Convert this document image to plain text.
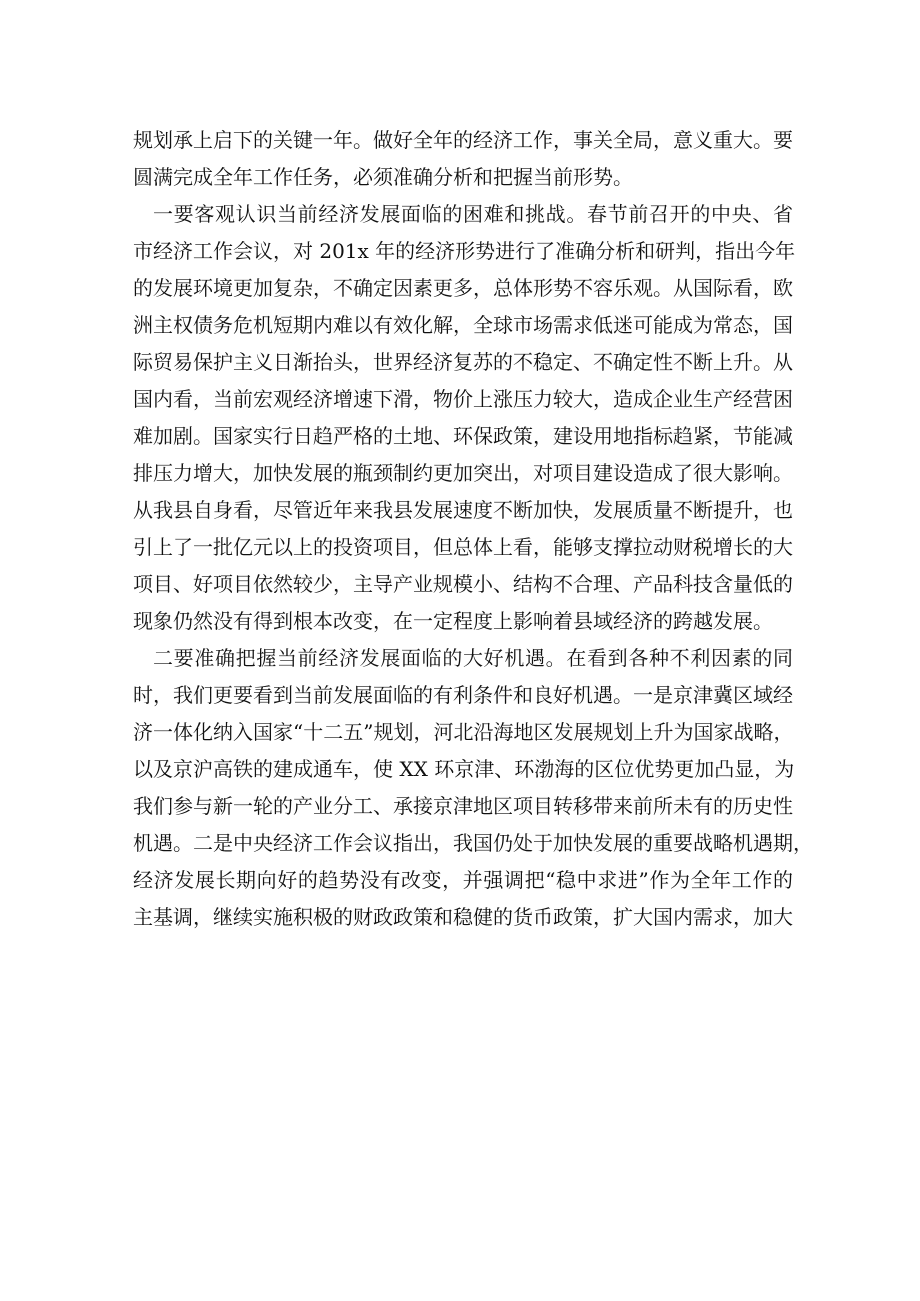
规划承上启下的关键一年。做好全年的经济工作，事关全局，意义重大。要
圆满完成全年工作任务，必须准确分析和把握当前形势。

一要客观认识当前经济发展面临的困难和挑战。春节前召开的中央、省
市经济工作会议，对 201x 年的经济形势进行了准确分析和研判，指出今年
的发展环境更加复杂，不确定因素更多，总体形势不容乐观。从国际看，欧
洲主权债务危机短期内难以有效化解，全球市场需求低迷可能成为常态，国
际贸易保护主义日渐抬头，世界经济复苏的不稳定、不确定性不断上升。从
国内看，当前宏观经济增速下滑，物价上涨压力较大，造成企业生产经营困
难加剧。国家实行日趋严格的土地、环保政策，建设用地指标趋紧，节能减
排压力增大，加快发展的瓶颈制约更加突出，对项目建设造成了很大影响。
从我县自身看，尽管近年来我县发展速度不断加快，发展质量不断提升，也
引上了一批亿元以上的投资项目，但总体上看，能够支撑拉动财税增长的大
项目、好项目依然较少，主导产业规模小、结构不合理、产品科技含量低的
现象仍然没有得到根本改变，在一定程度上影响着县域经济的跨越发展。

二要准确把握当前经济发展面临的大好机遇。在看到各种不利因素的同
时，我们更要看到当前发展面临的有利条件和良好机遇。一是京津冀区域经
济一体化纳入国家“十二五”规划，河北沿海地区发展规划上升为国家战略，
以及京沪高铁的建成通车，使 XX 环京津、环渤海的区位优势更加凸显，为
我们参与新一轮的产业分工、承接京津地区项目转移带来前所未有的历史性
机遇。二是中央经济工作会议指出，我国仍处于加快发展的重要战略机遇期，
经济发展长期向好的趋势没有改变，并强调把“稳中求进”作为全年工作的
主基调，继续实施积极的财政政策和稳健的货币政策，扩大国内需求，加大
